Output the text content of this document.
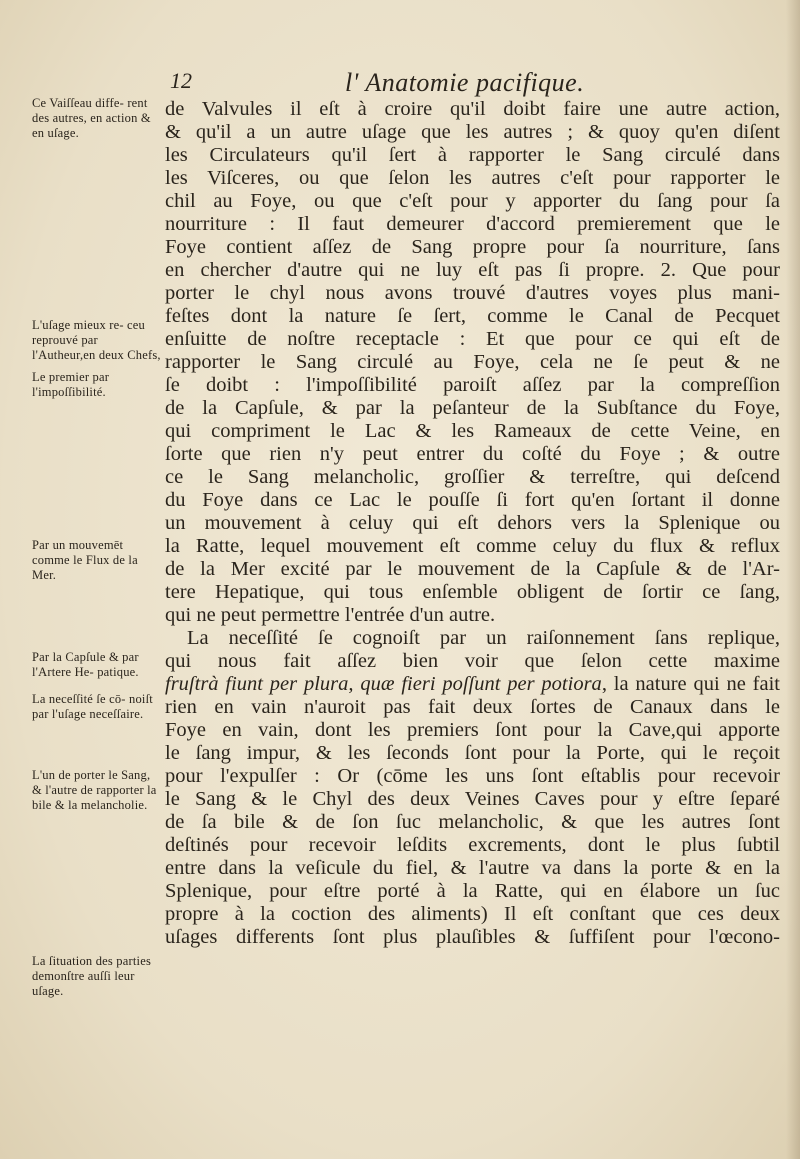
12	l' Anatomie pacifique.
Ce Vaiſſeau diffe- rent des autres, en action & en uſage.
L'uſage mieux re- ceu reprouvé par l'Autheur,en deux Chefs,
Le premier par l'impoſſibilité.
Par un mouvemēt comme le Flux de la Mer.
Par la Capſule & par l'Artere He- patique.
La neceſſité ſe cō- noiſt par l'uſage neceſſaire.
L'un de porter le Sang, & l'autre de rapporter la bile & la melancholie.
La ſituation des parties demonſtre auſſi leur uſage.
de Valvules il eſt à croire qu'il doibt faire une autre action,
& qu'il a un autre uſage que les autres ; & quoy qu'en diſent
les Circulateurs qu'il ſert à rapporter le Sang circulé dans
les Viſceres, ou que ſelon les autres c'eſt pour rapporter le
chil au Foye, ou que c'eſt pour y apporter du ſang pour ſa
nourriture : Il faut demeurer d'accord premierement que le
Foye contient aſſez de Sang propre pour ſa nourriture, ſans
en chercher d'autre qui ne luy eſt pas ſi propre. 2. Que pour
porter le chyl nous avons trouvé d'autres voyes plus mani-
feſtes dont la nature ſe ſert, comme le Canal de Pecquet
enſuitte de noſtre receptacle : Et que pour ce qui eſt de
rapporter le Sang circulé au Foye, cela ne ſe peut & ne
ſe doibt : l'impoſſibilité paroiſt aſſez par la compreſſion
de la Capſule, & par la peſanteur de la Subſtance du Foye,
qui compriment le Lac & les Rameaux de cette Veine, en
ſorte que rien n'y peut entrer du coſté du Foye ; & outre
ce le Sang melancholic, groſſier & terreſtre, qui deſcend
du Foye dans ce Lac le pouſſe ſi fort qu'en ſortant il donne
un mouvement à celuy qui eſt dehors vers la Splenique ou
la Ratte, lequel mouvement eſt comme celuy du flux & reflux
de la Mer excité par le mouvement de la Capſule & de l'Ar-
tere Hepatique, qui tous enſemble obligent de ſortir ce ſang,
qui ne peut permettre l'entrée d'un autre.
La neceſſité ſe cognoiſt par un raiſonnement ſans replique,
qui nous fait aſſez bien voir que ſelon cette maxime
fruſtrà fiunt per plura, quæ fieri poſſunt per potiora, la nature qui ne fait
rien en vain n'auroit pas fait deux ſortes de Canaux dans le
Foye en vain, dont les premiers ſont pour la Cave,qui apporte
le ſang impur, & les ſeconds ſont pour la Porte, qui le reçoit
pour l'expulſer : Or (cōme les uns ſont eſtablis pour recevoir
le Sang & le Chyl des deux Veines Caves pour y eſtre ſeparé
de ſa bile & de ſon ſuc melancholic, & que les autres ſont
deſtinés pour recevoir leſdits excrements, dont le plus ſubtil
entre dans la veſicule du fiel, & l'autre va dans la porte & en la
Splenique, pour eſtre porté à la Ratte, qui en élabore un ſuc
propre à la coction des aliments) Il eſt conſtant que ces deux
uſages differents ſont plus plauſibles & ſuffiſent pour l'œcono-
